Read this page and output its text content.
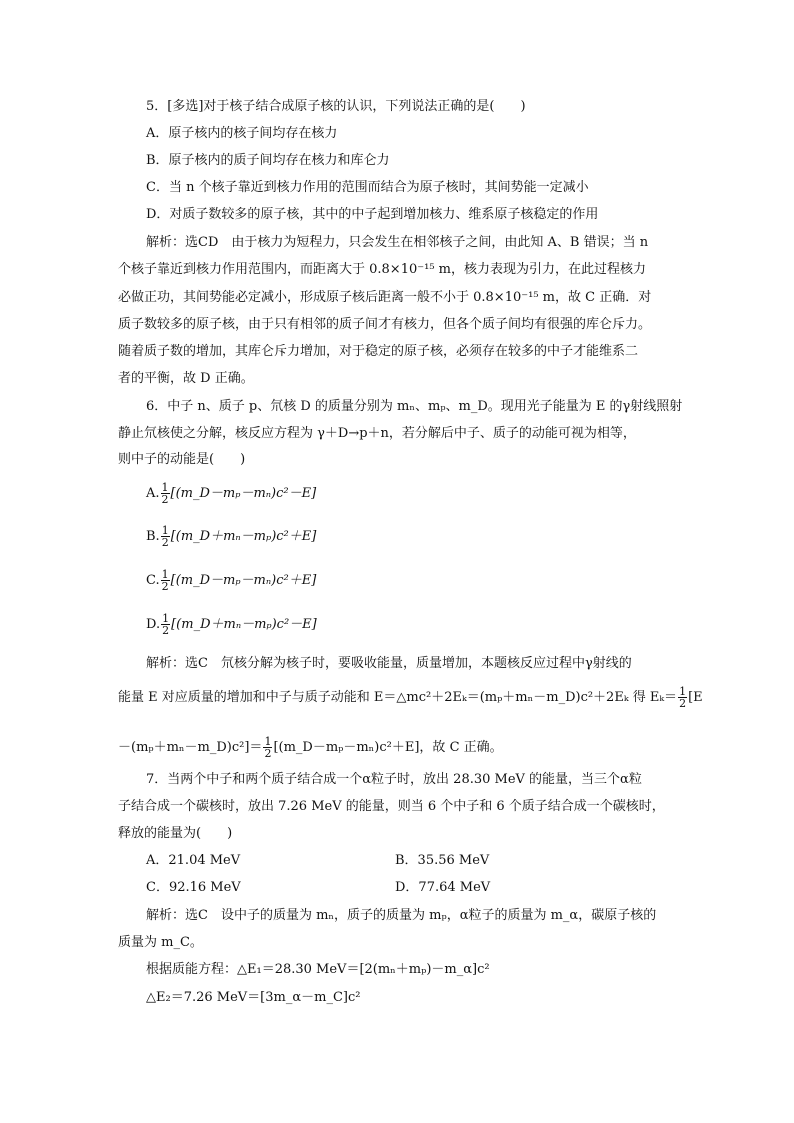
5．[多选]对于核子结合成原子核的认识，下列说法正确的是(　　)
A．原子核内的核子间均存在核力
B．原子核内的质子间均存在核力和库仑力
C．当 n 个核子靠近到核力作用的范围而结合为原子核时，其间势能一定减小
D．对质子数较多的原子核，其中的中子起到增加核力、维系原子核稳定的作用
解析：选CD　由于核力为短程力，只会发生在相邻核子之间，由此知 A、B 错误；当 n
个核子靠近到核力作用范围内，而距离大于 0.8×10⁻¹⁵ m，核力表现为引力，在此过程核力
必做正功，其间势能必定减小，形成原子核后距离一般不小于 0.8×10⁻¹⁵ m，故 C 正确．对
质子数较多的原子核，由于只有相邻的质子间才有核力，但各个质子间均有很强的库仑斥力。
随着质子数的增加，其库仑斥力增加，对于稳定的原子核，必须存在较多的中子才能维系二
者的平衡，故 D 正确。
6．中子 n、质子 p、氘核 D 的质量分别为 mₙ、mₚ、m_D。现用光子能量为 E 的γ射线照射
静止氘核使之分解，核反应方程为 γ＋D→p＋n，若分解后中子、质子的动能可视为相等，
则中子的动能是(　　)
A. $\frac{1}{2}$ [(m_D－mₚ－mₙ)c²－E]
B. $\frac{1}{2}$ [(m_D＋mₙ－mₚ)c²＋E]
C. $\frac{1}{2}$ [(m_D－mₚ－mₙ)c²＋E]
D. $\frac{1}{2}$ [(m_D＋mₙ－mₚ)c²－E]
解析：选C　氘核分解为核子时，要吸收能量，质量增加，本题核反应过程中γ射线的
能量 E 对应质量的增加和中子与质子动能和 E＝△mc²＋2Eₖ＝(mₚ＋mₙ－m_D)c²＋2Eₖ 得 $E_k= \frac{1}{2} [E$
－(mₚ＋mₙ－m_D)c²]＝ $\frac{1}{2}$ [(m_D－mₚ－mₙ)c²＋E]，故 C 正确。
7．当两个中子和两个质子结合成一个α粒子时，放出 28.30 MeV 的能量，当三个α粒
子结合成一个碳核时，放出 7.26 MeV 的能量，则当 6 个中子和 6 个质子结合成一个碳核时，
释放的能量为(　　)
A．21.04 MeV	B．35.56 MeV
C．92.16 MeV	D．77.64 MeV
解析：选C　设中子的质量为 mₙ，质子的质量为 mₚ，α粒子的质量为 m_α，碳原子核的
质量为 m_C。
根据质能方程：△E₁＝28.30 MeV＝[2(mₙ＋mₚ)－m_α]c²
△E₂＝7.26 MeV＝[3m_α－m_C]c²
